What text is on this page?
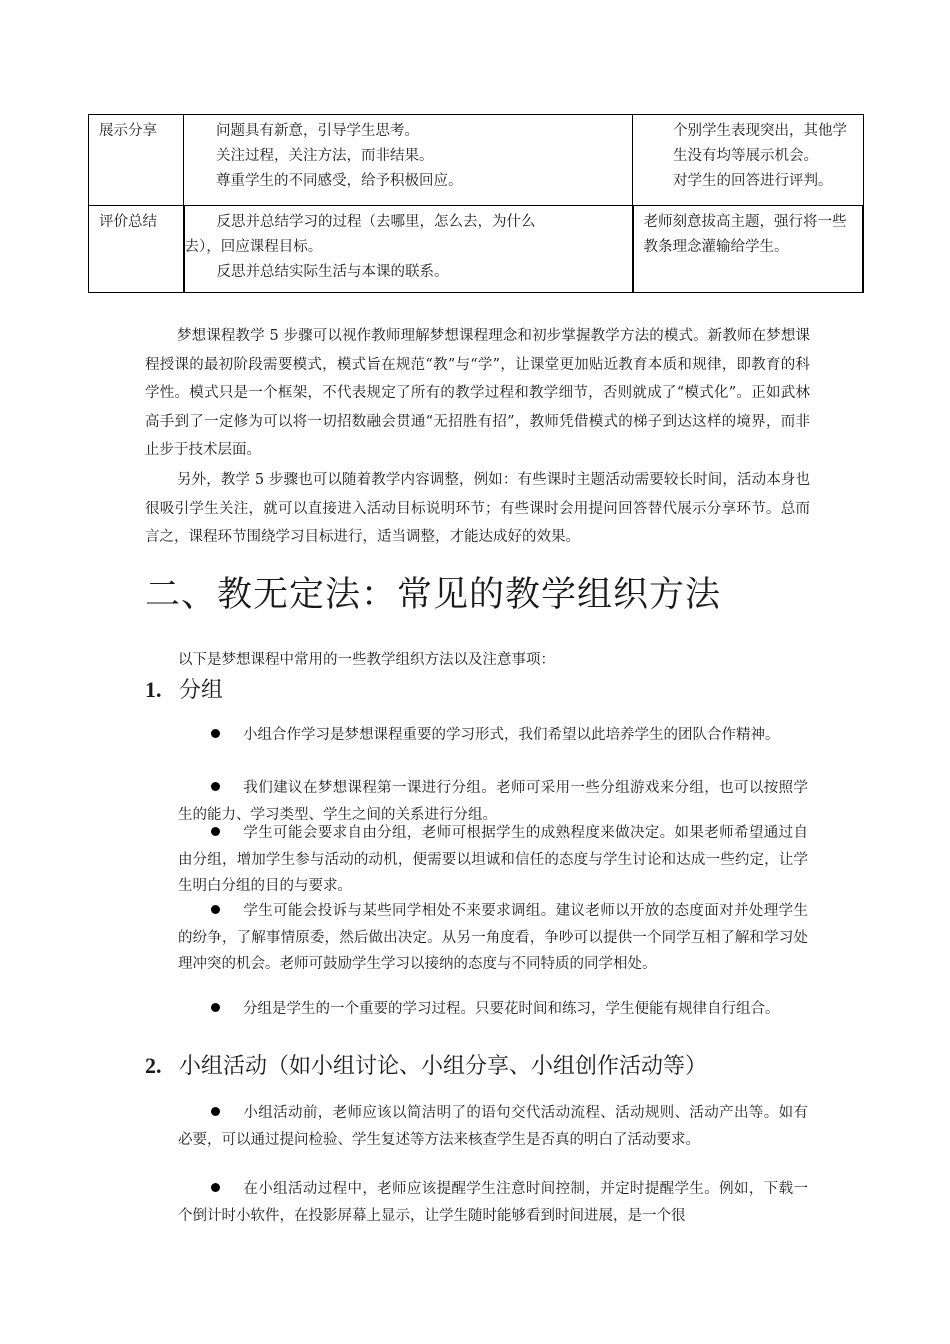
展示分享	问题具有新意，引导学生思考。
关注过程，关注方法，而非结果。
尊重学生的不同感受，给予积极回应。	个别学生表现突出，其他学
生没有均等展示机会。
对学生的回答进行评判。

评价总结	反思并总结学习的过程（去哪里，怎么去，为什么
去），回应课程目标。
反思并总结实际生活与本课的联系。	老师刻意拔高主题，强行将一些
教条理念灌输给学生。

梦想课程教学 5 步骤可以视作教师理解梦想课程理念和初步掌握教学方法的模式。新教师在梦想课程授课的最初阶段需要模式，模式旨在规范“教”与“学”，让课堂更加贴近教育本质和规律，即教育的科学性。模式只是一个框架，不代表规定了所有的教学过程和教学细节，否则就成了“模式化”。正如武林高手到了一定修为可以将一切招数融会贯通“无招胜有招”，教师凭借模式的梯子到达这样的境界，而非止步于技术层面。

另外，教学 5 步骤也可以随着教学内容调整，例如：有些课时主题活动需要较长时间，活动本身也很吸引学生关注，就可以直接进入活动目标说明环节；有些课时会用提问回答替代展示分享环节。总而言之，课程环节围绕学习目标进行，适当调整，才能达成好的效果。

二、教无定法：常见的教学组织方法

以下是梦想课程中常用的一些教学组织方法以及注意事项：

1. 分组

小组合作学习是梦想课程重要的学习形式，我们希望以此培养学生的团队合作精神。

我们建议在梦想课程第一课进行分组。老师可采用一些分组游戏来分组，也可以按照学生的能力、学习类型、学生之间的关系进行分组。

学生可能会要求自由分组，老师可根据学生的成熟程度来做决定。如果老师希望通过自由分组，增加学生参与活动的动机，便需要以坦诚和信任的态度与学生讨论和达成一些约定，让学生明白分组的目的与要求。

学生可能会投诉与某些同学相处不来要求调组。建议老师以开放的态度面对并处理学生的纷争，了解事情原委，然后做出决定。从另一角度看，争吵可以提供一个同学互相了解和学习处理冲突的机会。老师可鼓励学生学习以接纳的态度与不同特质的同学相处。

分组是学生的一个重要的学习过程。只要花时间和练习，学生便能有规律自行组合。

2. 小组活动（如小组讨论、小组分享、小组创作活动等）

小组活动前，老师应该以简洁明了的语句交代活动流程、活动规则、活动产出等。如有必要，可以通过提问检验、学生复述等方法来核查学生是否真的明白了活动要求。

在小组活动过程中，老师应该提醒学生注意时间控制，并定时提醒学生。例如，下载一个倒计时小软件，在投影屏幕上显示，让学生随时能够看到时间进展，是一个很
